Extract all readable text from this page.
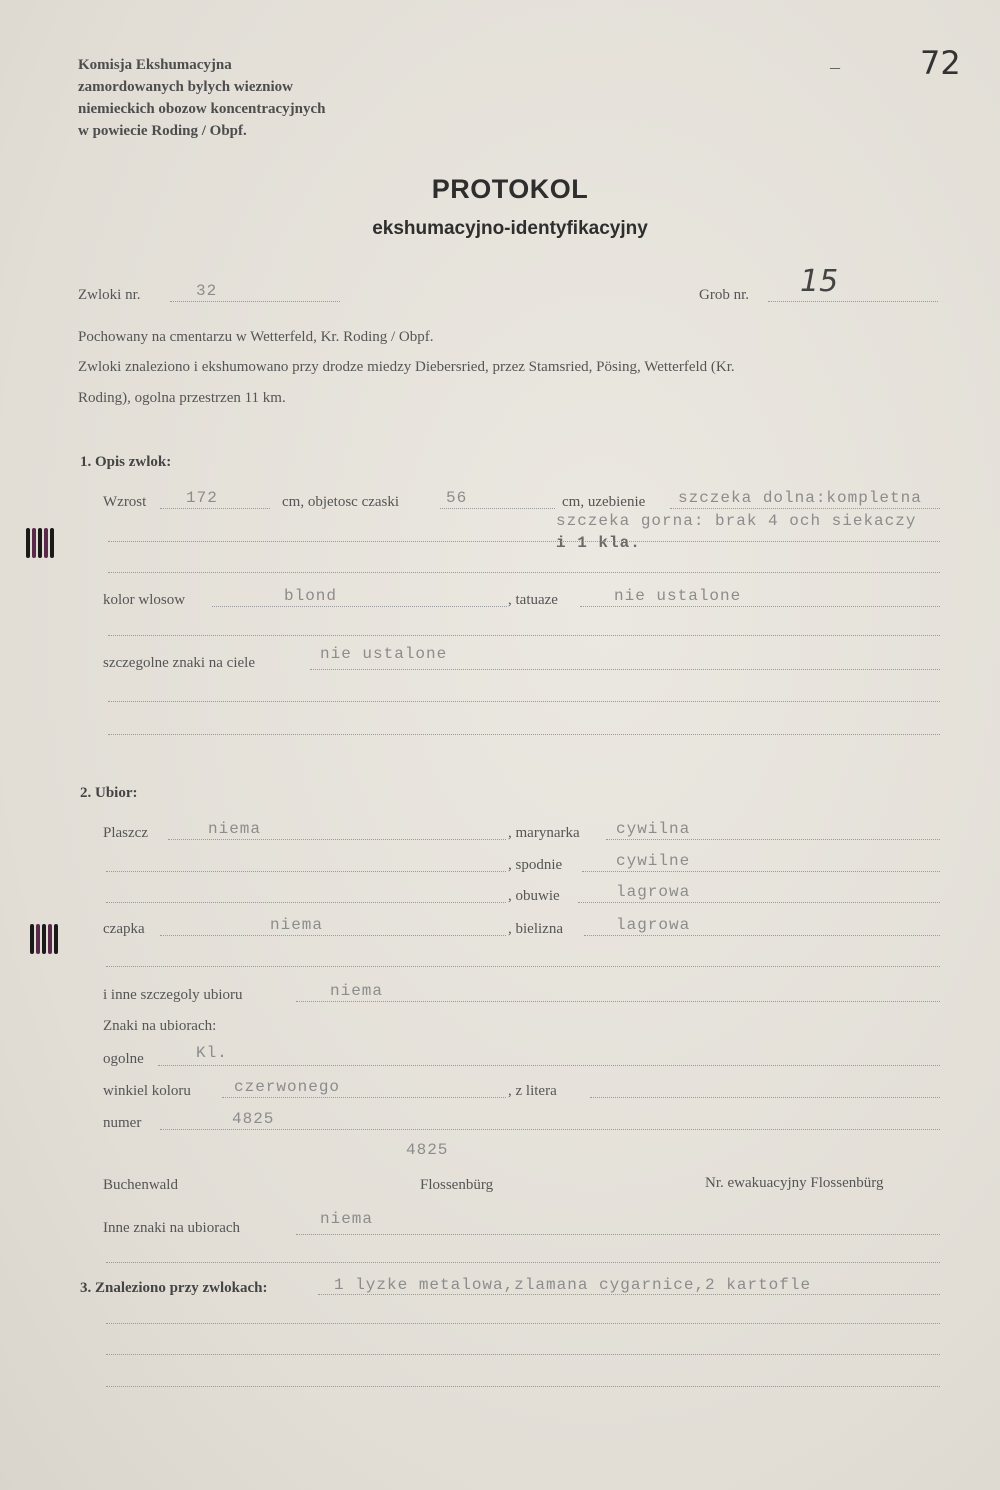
Komisja Ekshumacyjna
zamordowanych bylych wiezniow
niemieckich obozow koncentracyjnych
w powiecie Roding / Obpf.
–	72
PROTOKOL
ekshumacyjno-identyfikacyjny
Zwloki nr.	32	Grob nr. 15
Pochowany na cmentarzu w Wetterfeld, Kr. Roding / Obpf.
Zwloki znaleziono i ekshumowano przy drodze miedzy Diebersried, przez Stamsried, Pösing, Wetterfeld (Kr.
Roding), ogolna przestrzen 11 km.
1. Opis zwlok:
Wzrost 172	cm, objetosc czaski	56	cm, uzebienie szczeka dolna:kompletna
szczeka gorna: brak 4 och siekaczy
i 1 kla.
kolor wlosow	blond	, tatuaze	nie ustalone
szczegolne znaki na ciele	nie ustalone
2. Ubior:
Plaszcz	niema	, marynarka cywilna
, spodnie	cywilne
, obuwie	lagrowa
czapka	niema	, bielizna	lagrowa
i inne szczegoly ubioru	niema
Znaki na ubiorach:
ogolne	Kl.
winkiel koloru	czerwonego	, z litera
numer	4825
4825
Buchenwald	Flossenbürg	Nr. ewakuacyjny Flossenbürg
Inne znaki na ubiorach	niema
3. Znaleziono przy zwlokach:	1 lyzke metalowa,zlamana cygarnice,2 kartofle
